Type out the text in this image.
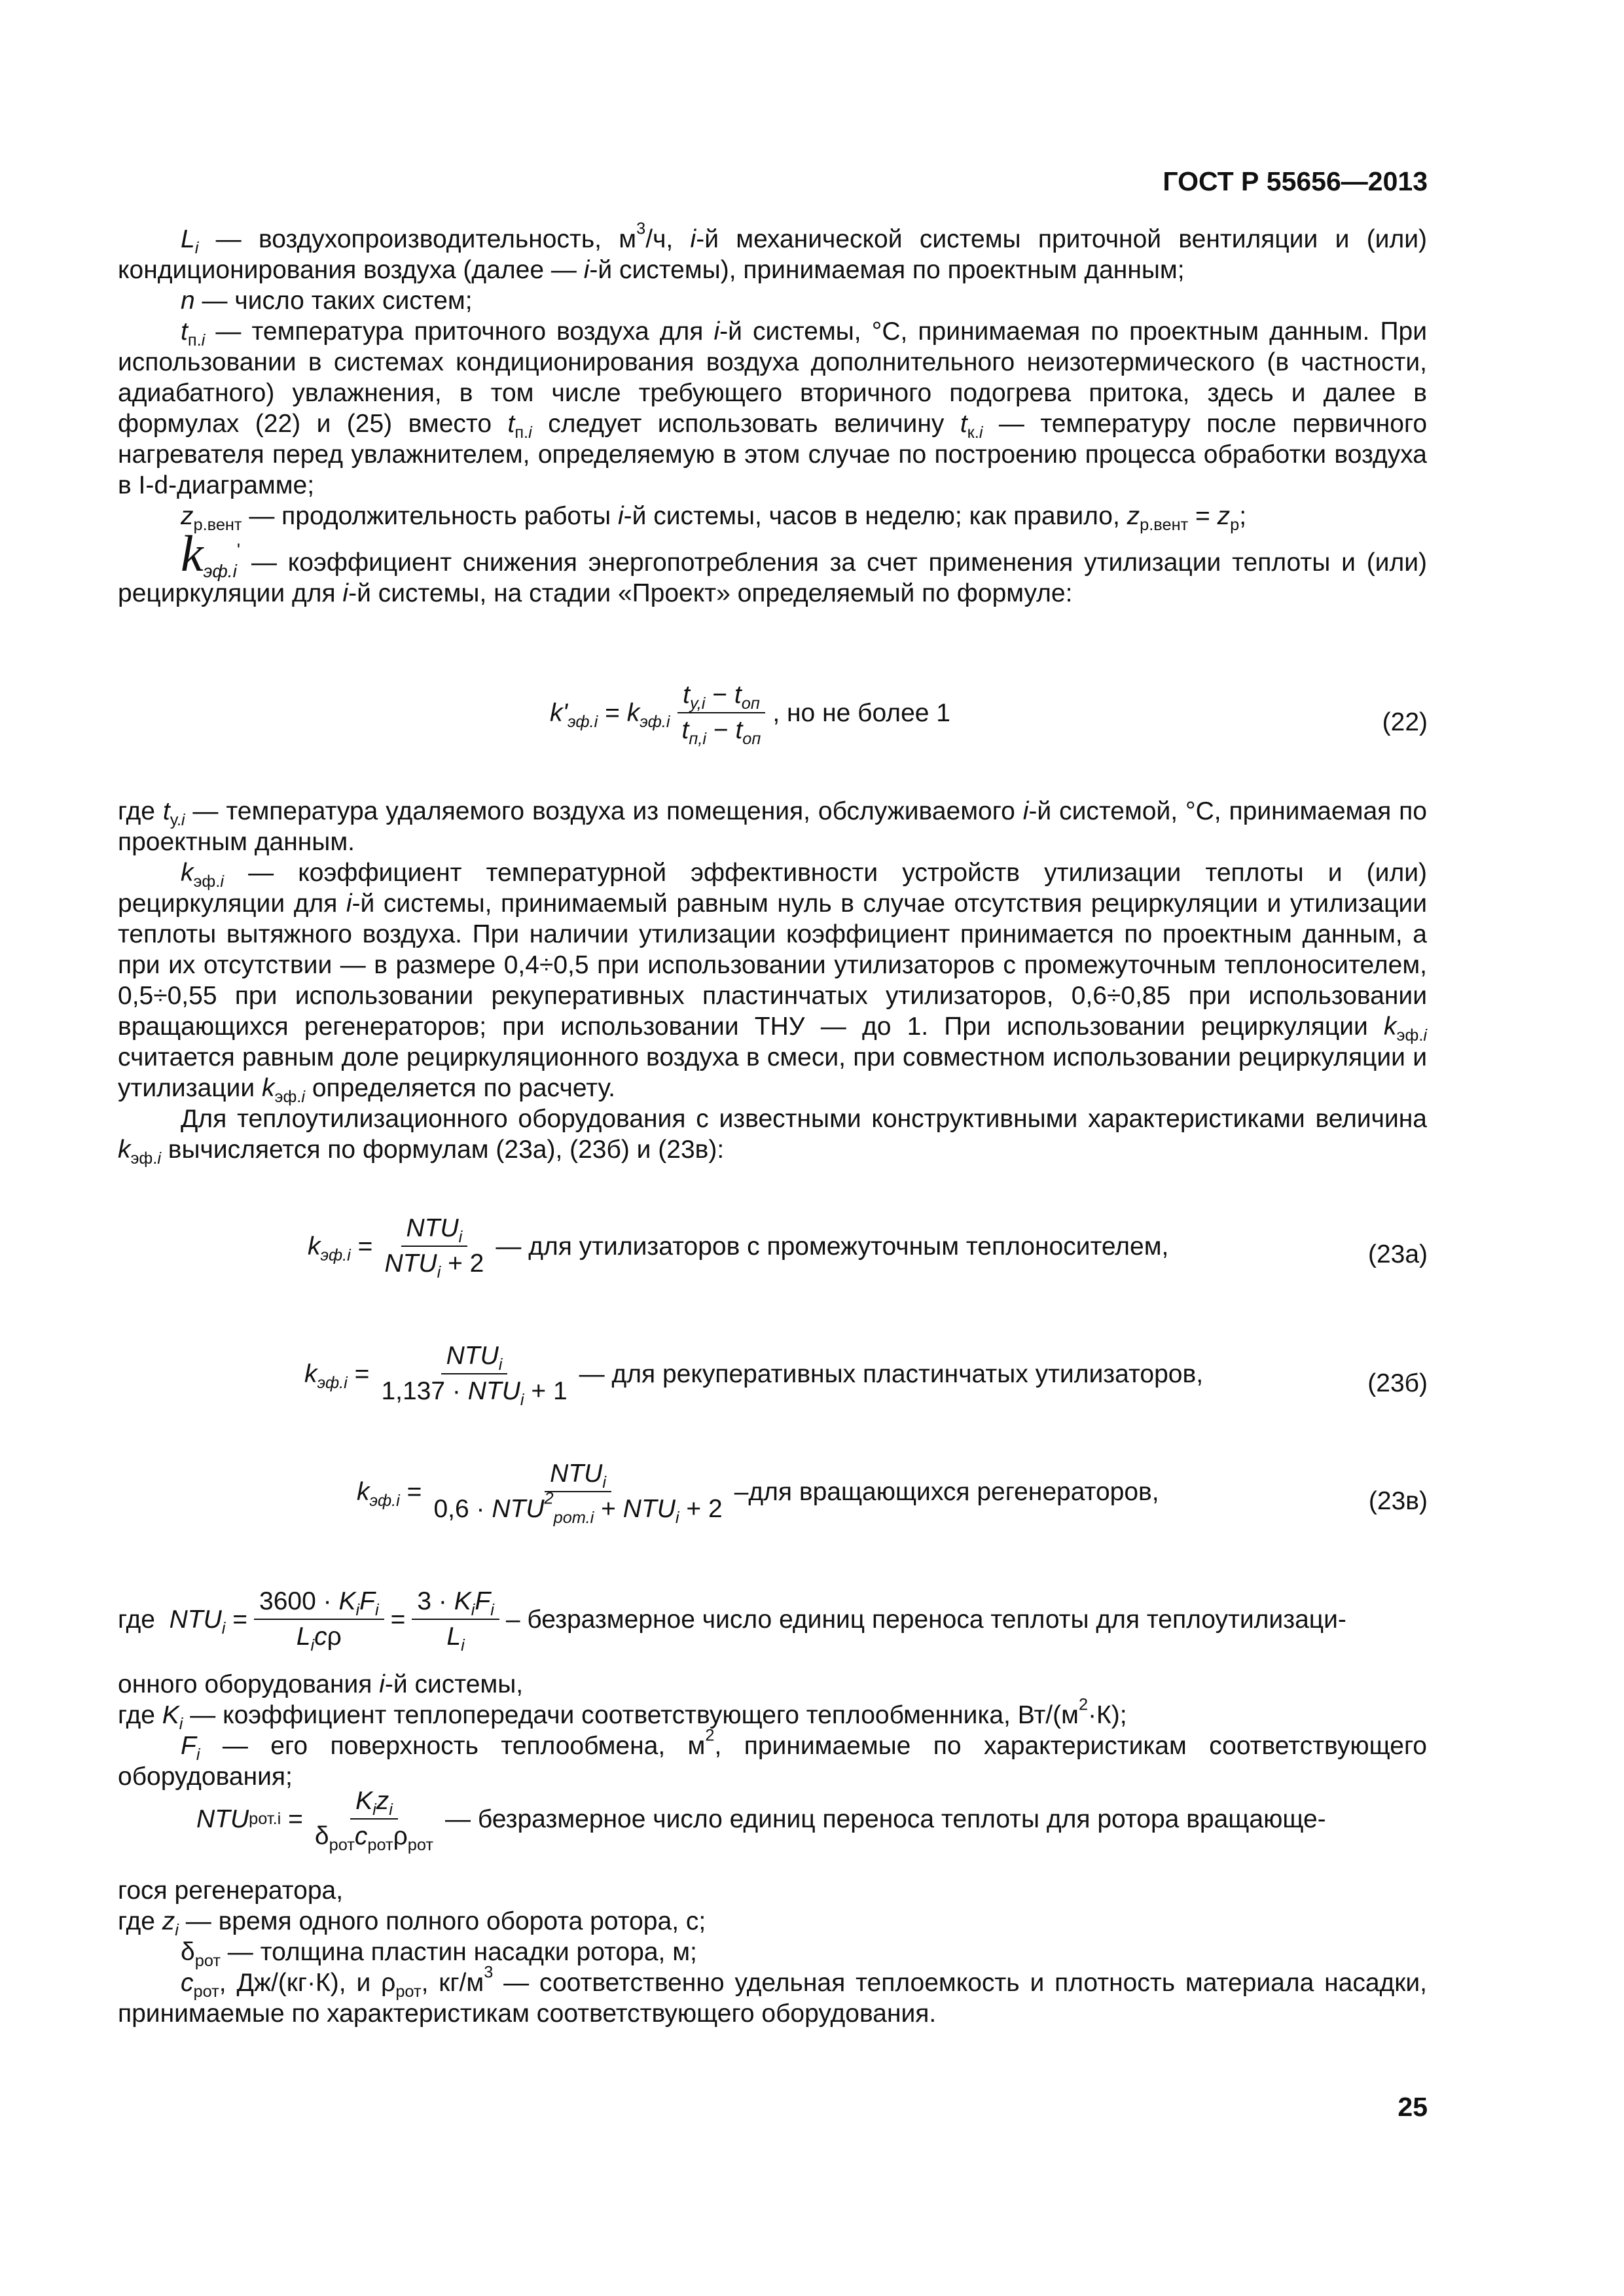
ГОСТ Р 55656—2013

$L_i$ — воздухопроизводительность, $м^3/ч$, i-й механической системы приточной вентиляции и (или) кондиционирования воздуха (далее — i-й системы), принимаемая по проектным данным;

n — число таких систем;

$t_{п.i}$ — температура приточного воздуха для i-й системы, °С, принимаемая по проектным данным. При использовании в системах кондиционирования воздуха дополнительного неизотермического (в частности, адиабатного) увлажнения, в том числе требующего вторичного подогрева притока, здесь и далее в формулах (22) и (25) вместо $t_{п.i}$ следует использовать величину $t_{к.i}$ — температуру после первичного нагревателя перед увлажнителем, определяемую в этом случае по построению процесса обработки воздуха в I-d-диаграмме;

$z_{р.вент}$ — продолжительность работы i-й системы, часов в неделю; как правило, $z_{р.вент} = z_р$;

$k_{эф.i}'$ — коэффициент снижения энергопотребления за счет применения утилизации теплоты и (или) рециркуляции для i-й системы, на стадии «Проект» определяемый по формуле:

$k'_{эф.i} = k_{эф.i} \frac{t_{y,i} - t_{оп}}{t_{п,i} - t_{оп}}$ , но не более 1	(22)

где $t_{у.i}$ — температура удаляемого воздуха из помещения, обслуживаемого i-й системой, °С, принимаемая по проектным данным.

$k_{эф.i}$ — коэффициент температурной эффективности устройств утилизации теплоты и (или) рециркуляции для i-й системы, принимаемый равным нуль в случае отсутствия рециркуляции и утилизации теплоты вытяжного воздуха. При наличии утилизации коэффициент принимается по проектным данным, а при их отсутствии — в размере 0,4÷0,5 при использовании утилизаторов с промежуточным теплоносителем, 0,5÷0,55 при использовании рекуперативных пластинчатых утилизаторов, 0,6÷0,85 при использовании вращающихся регенераторов; при использовании ТНУ — до 1. При использовании рециркуляции $k_{эф.i}$ считается равным доле рециркуляционного воздуха в смеси, при совместном использовании рециркуляции и утилизации $k_{эф.i}$ определяется по расчету.

Для теплоутилизационного оборудования с известными конструктивными характеристиками величина $k_{эф.i}$ вычисляется по формулам (23а), (23б) и (23в):

$k_{эф.i} = \frac{NTU_i}{NTU_i + 2}$ — для утилизаторов с промежуточным теплоносителем,	(23а)
$k_{эф.i} = \frac{NTU_i}{1,137 \cdot NTU_i + 1}$ — для рекуперативных пластинчатых утилизаторов,	(23б)
$k_{эф.i} = \frac{NTU_i}{0,6 \cdot NTU^2_{рот.i} + NTU_i + 2} -для$ вращающихся регенераторов,	(23в)
где
$NTU_i = \frac{3600 \cdot K_iF_i}{L_ic\rho} = \frac{3 \cdot K_iF_i}{L_i}$ – безразмерное число единиц переноса теплоты для теплоутилизаци-

онного оборудования i-й системы,

где $K_i$ — коэффициент теплопередачи соответствующего теплообменника, $Вт/(м^2\cdot К)$;

$F_i$ — его поверхность теплообмена, $м^2$, принимаемые по характеристикам соответствующего оборудования;

NTU $рот.i = \frac{K_iz_i}{\delta_{рот}c_{рот}\rho_{рот}}$ — безразмерное число единиц переноса теплоты для ротора вращающе-

гося регенератора,

где $z_i$ — время одного полного оборота ротора, с;

$\delta_{рот}$ — толщина пластин насадки ротора, м;

$c_{рот}$, Дж/(кг·К), и $\rho_{рот}$, $кг/м^3$ — соответственно удельная теплоемкость и плотность материала насадки, принимаемые по характеристикам соответствующего оборудования.

25
